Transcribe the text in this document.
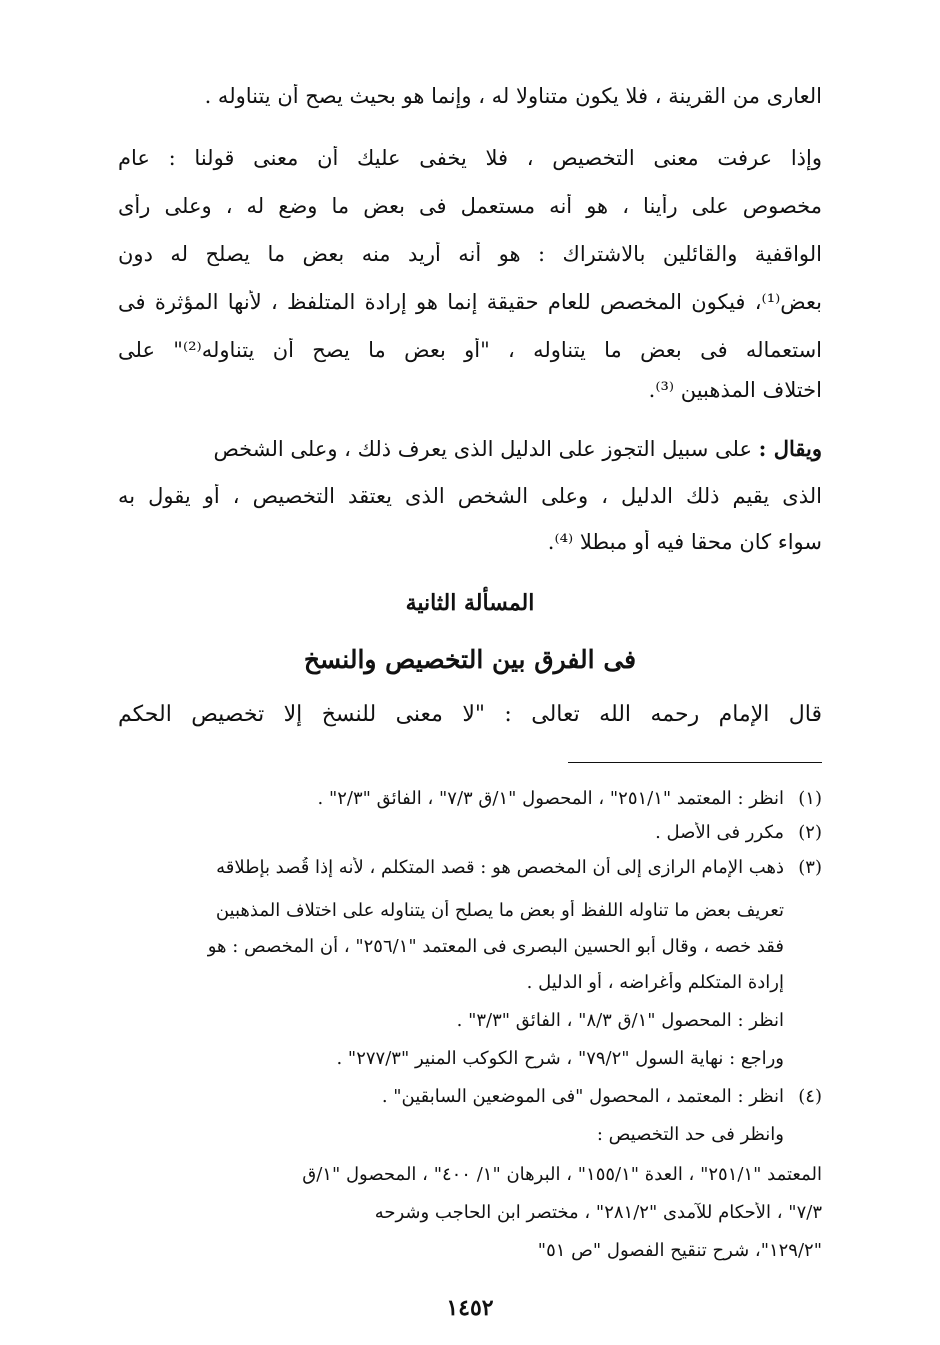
العارى من القرينة ، فلا يكون متناولا له ، وإنما هو بحيث يصح أن يتناوله .
وإذا عرفت معنى التخصيص ، فلا يخفى عليك أن معنى قولنا : عام
مخصوص على رأينا ، هو أنه مستعمل فى بعض ما وضع له ، وعلى رأى
الواقفية والقائلين بالاشتراك : هو أنه أريد منه بعض ما يصلح له دون
بعض⁽¹⁾، فيكون المخصص للعام حقيقة إنما هو إرادة المتلفظ ، لأنها المؤثرة فى
استعماله فى بعض ما يتناوله ، "أو بعض ما يصح أن يتناوله⁽²⁾" على
اختلاف المذهبين ⁽³⁾.
ويقال : على سبيل التجوز على الدليل الذى يعرف ذلك ، وعلى الشخص
الذى يقيم ذلك الدليل ، وعلى الشخص الذى يعتقد التخصيص ، أو يقول به
سواء كان محقا فيه أو مبطلا ⁽⁴⁾.
المسألة الثانية
فى الفرق بين التخصيص والنسخ
قال الإمام رحمه الله تعالى : "لا معنى للنسخ إلا تخصيص الحكم
(١)
انظر : المعتمد "٢٥١/١" ، المحصول "١/ق ٧/٣" ، الفائق "٢/٣" .
(٢)
مكرر فى الأصل .
(٣)
ذهب الإمام الرازى إلى أن المخصص هو : قصد المتكلم ، لأنه إذا قُصد بإطلاقه
تعريف بعض ما تناوله اللفظ أو بعض ما يصلح أن يتناوله على اختلاف المذهبين
فقد خصه ، وقال أبو الحسين البصرى فى المعتمد "٢٥٦/١" ، أن المخصص : هو
إرادة المتكلم وأغراضه ، أو الدليل .
انظر : المحصول "١/ق ٨/٣" ، الفائق "٣/٣" .
وراجع : نهاية السول "٧٩/٢" ، شرح الكوكب المنير "٢٧٧/٣" .
(٤)
انظر : المعتمد ، المحصول "فى الموضعين السابقين" .
وانظر فى حد التخصيص :
المعتمد "٢٥١/١" ، العدة "١٥٥/١" ، البرهان "١/ ٤٠٠" ، المحصول "١/ق
٧/٣" ، الأحكام للآمدى "٢٨١/٢" ، مختصر ابن الحاجب وشرحه
"١٢٩/٢"، شرح تنقيح الفصول "ص ٥١"
١٤٥٢
